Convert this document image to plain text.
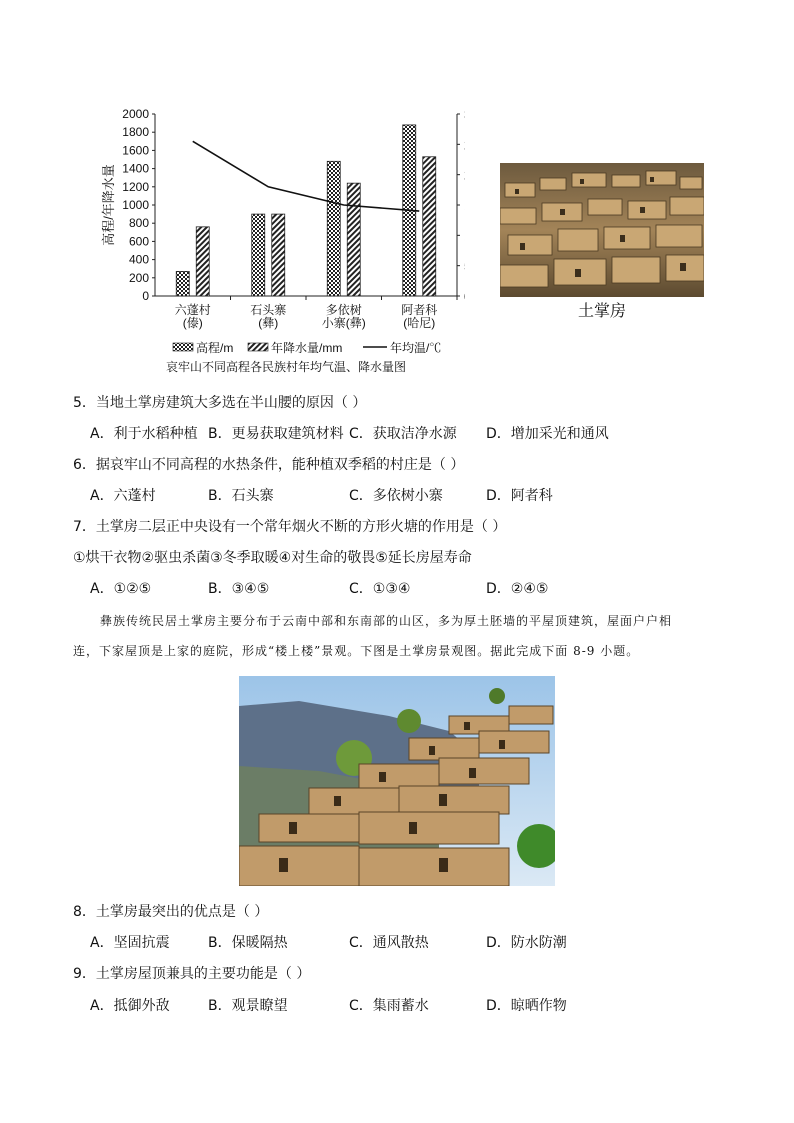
0
200
400
600
800
1000
1200
1400
1600
1800
2000
高程/年降水量
六蓬村
(傣)
石头寨
(彝)
多依树
小寨(彝)
阿者科
(哈尼)
高程/m	年降水量/mm	年均温/℃
哀牢山不同高程各民族村年均气温、降水量图
土掌房
5．当地土掌房建筑大多选在半山腰的原因（ ）
A．利于水稻种植 B．更易获取建筑材料 C．获取洁净水源 D．增加采光和通风
6．据哀牢山不同高程的水热条件，能种植双季稻的村庄是（ ）
A．六蓬村	B．石头寨	C．多依树小寨	D．阿者科
7．土掌房二层正中央设有一个常年烟火不断的方形火塘的作用是（ ）
①烘干衣物②驱虫杀菌③冬季取暖④对生命的敬畏⑤延长房屋寿命
A．①②⑤	B．③④⑤	C．①③④	D．②④⑤
彝族传统民居土掌房主要分布于云南中部和东南部的山区，多为厚土胚墙的平屋顶建筑，屋面户户相
连，下家屋顶是上家的庭院，形成“楼上楼”景观。下图是土掌房景观图。据此完成下面 8-9 小题。
8．土掌房最突出的优点是（ ）
A．坚固抗震	B．保暖隔热	C．通风散热	D．防水防潮
9．土掌房屋顶兼具的主要功能是（ ）
A．抵御外敌	B．观景瞭望	C．集雨蓄水	D．晾晒作物
